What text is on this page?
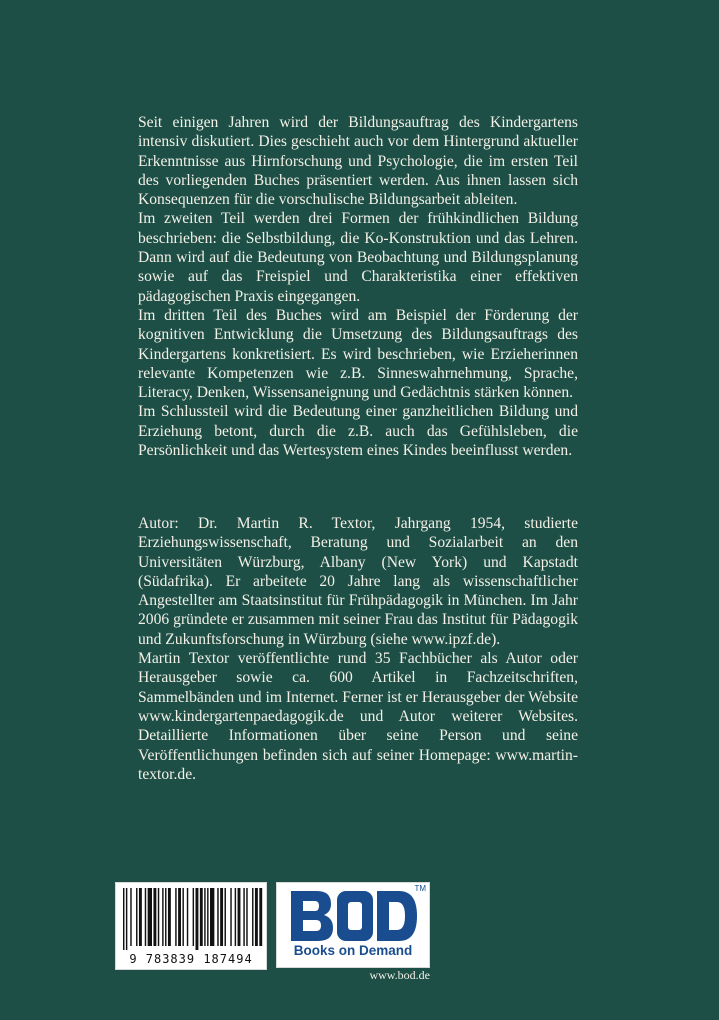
Seit einigen Jahren wird der Bildungsauftrag des Kindergartens intensiv diskutiert. Dies geschieht auch vor dem Hintergrund aktueller Erkenntnisse aus Hirnforschung und Psychologie, die im ersten Teil des vorliegenden Buches präsentiert werden. Aus ihnen lassen sich Konsequenzen für die vorschulische Bildungsarbeit ableiten.

Im zweiten Teil werden drei Formen der frühkindlichen Bildung beschrieben: die Selbstbildung, die Ko-Konstruktion und das Lehren. Dann wird auf die Bedeutung von Beobachtung und Bildungsplanung sowie auf das Freispiel und Charakteristika einer effektiven pädagogischen Praxis eingegangen.

Im dritten Teil des Buches wird am Beispiel der Förderung der kognitiven Entwicklung die Umsetzung des Bildungsauftrags des Kindergartens konkretisiert. Es wird beschrieben, wie Erzieherinnen relevante Kompetenzen wie z.B. Sinneswahrnehmung, Sprache, Literacy, Denken, Wissensaneignung und Gedächtnis stärken können.

Im Schlussteil wird die Bedeutung einer ganzheitlichen Bildung und Erziehung betont, durch die z.B. auch das Gefühlsleben, die Persönlichkeit und das Wertesystem eines Kindes beeinflusst werden.

Autor: Dr. Martin R. Textor, Jahrgang 1954, studierte Erziehungswissenschaft, Beratung und Sozialarbeit an den Universitäten Würzburg, Albany (New York) und Kapstadt (Südafrika). Er arbeitete 20 Jahre lang als wissenschaftlicher Angestellter am Staatsinstitut für Frühpädagogik in München. Im Jahr 2006 gründete er zusammen mit seiner Frau das Institut für Pädagogik und Zukunftsforschung in Würzburg (siehe www.ipzf.de).

Martin Textor veröffentlichte rund 35 Fachbücher als Autor oder Herausgeber sowie ca. 600 Artikel in Fachzeitschriften, Sammelbänden und im Internet. Ferner ist er Herausgeber der Website www.kindergartenpaedagogik.de und Autor weiterer Websites. Detaillierte Informationen über seine Person und seine Veröffentlichungen befinden sich auf seiner Homepage: www.martin-textor.de.

9 783839 187494
TM
Books on Demand
www.bod.de
